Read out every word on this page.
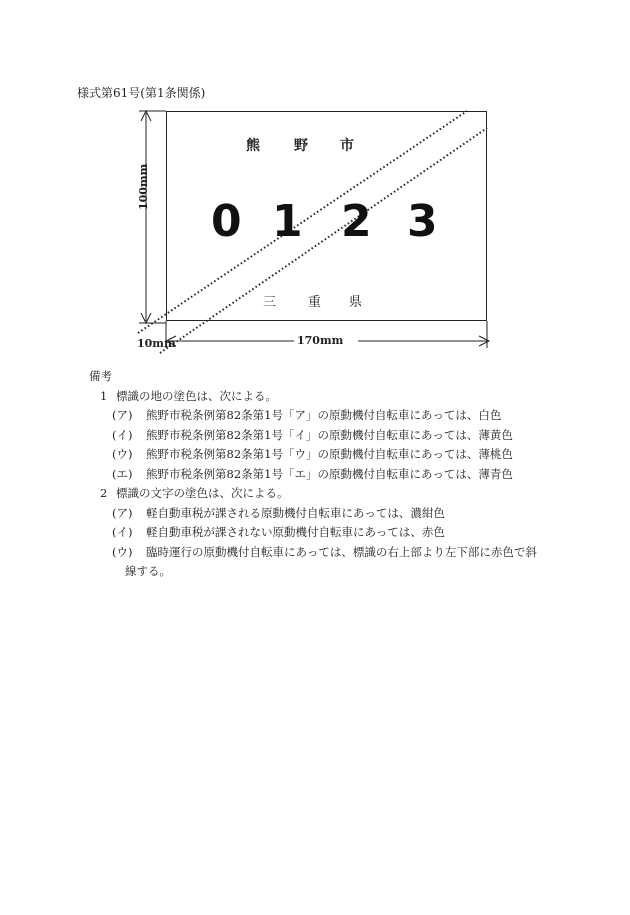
様式第61号(第1条関係)
熊 野 市
0 1 2 3
三 重 県
100mm
170mm
10mm
備考
1 標識の地の塗色は、次による。
(ア) 熊野市税条例第82条第1号「ア」の原動機付自転車にあっては、白色
(イ) 熊野市税条例第82条第1号「イ」の原動機付自転車にあっては、薄黄色
(ウ) 熊野市税条例第82条第1号「ウ」の原動機付自転車にあっては、薄桃色
(エ) 熊野市税条例第82条第1号「エ」の原動機付自転車にあっては、薄青色
2 標識の文字の塗色は、次による。
(ア) 軽自動車税が課される原動機付自転車にあっては、濃紺色
(イ) 軽自動車税が課されない原動機付自転車にあっては、赤色
(ウ) 臨時運行の原動機付自転車にあっては、標識の右上部より左下部に赤色で斜
線する。
